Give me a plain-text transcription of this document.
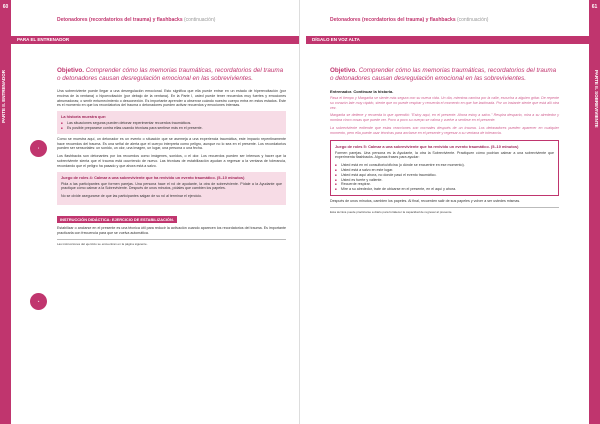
60
PARTE II. ENTRENADOR
Detonadores (recordatorios del trauma) y flashbacks (continuación)
PARA EL ENTRENADOR
i
»

Objetivo. Comprender cómo las memorias traumáticas, recordatorios del trauma o detonadores causan desregulación emocional en las sobrevivientes.

Una sobreviviente puede llegar a una desregulación emocional. Esto significa que ella puede entrar en un estado de hiperexcitación (por encima de la ventana) o hipoexcitación (por debajo de la ventana). En la Parte I, usted puede tener recuerdos muy fuertes y emociones abrumadoras; o sentir entumecimiento o desconexión. Es importante aprender a observar cuándo nuestro cuerpo entra en estos estados. Este es el momento en que los recordatorios del trauma o detonadores pueden activar recuerdos y emociones intensas.

La historia muestra que:
■ Las situaciones seguras pueden detonar experimentar recuerdos traumáticos.
■ Es posible prepararse contra ellas usando técnicas para sentirse más en el presente.

Como se muestra aquí, un detonador es un evento o situación que se asemeja a una experiencia traumática, este impacto repentinamente hace recuerdos del trauma. Es una señal de alerta que el cuerpo interpreta como peligro, aunque no lo sea en el presente. Los recordatorios pueden ser sensoriales: un sonido, un olor, una imagen, un lugar, una persona o una fecha.

Los flashbacks son detonantes por los recuerdos como imágenes, sonidos, o el olor. Los recuerdos pueden ser intensos y hacer que la sobreviviente sienta que el trauma está ocurriendo de nuevo. Las técnicas de estabilización ayudan a regresar a la ventana de tolerancia, recordando que el peligro ha pasado y que ahora está a salvo.

Juego de roles 4: Calmar a una sobreviviente que ha revivido un evento traumático. (5–10 minutos)

Pida a las participantes que formen parejas. Una persona hace el rol de ayudante, la otra de sobreviviente. Pídale a la Ayudante que practique cómo calmar a la Sobreviviente. Después de unos minutos, pídales que cambien los papeles.

No se olvide asegurarse de que las participantes salgan de su rol al terminar el ejercicio.

INSTRUCCIÓN DIDÁCTICA: EJERCICIO DE ESTABILIZACIÓN.

Estabilizar o anclarse en el presente es una técnica útil para reducir la activación cuando aparecen los recordatorios del trauma. Es importante practicarla con frecuencia para que se vuelva automática.

Las instrucciones del ejercicio se encuentran en la página siguiente.
61
PARTE II. SOBREVIVIENTE
Detonadores (recordatorios del trauma) y flashbacks (continuación)
DÍGALO EN VOZ ALTA

Objetivo. Comprender cómo las memorias traumáticas, recordatorios del trauma o detonadores causan desregulación emocional en las sobrevivientes.

Entrenador. Continuar la historia.

Pasa el tiempo y Margarita se siente más segura con su nueva vida. Un día, mientras camina por la calle, escucha a alguien gritar. De repente su corazón late muy rápido, siente que no puede respirar y recuerda el momento en que fue lastimada. Por un instante siente que está allí otra vez.

Margarita se detiene y recuerda lo que aprendió: "Estoy aquí, en el presente. Ahora estoy a salvo." Respira despacio, mira a su alrededor y nombra cinco cosas que puede ver. Poco a poco su cuerpo se calma y vuelve a sentirse en el presente.

La sobreviviente entiende que estas reacciones son normales después de un trauma. Los detonadores pueden aparecer en cualquier momento, pero ella puede usar técnicas para anclarse en el presente y regresar a su ventana de tolerancia.

Juego de roles 5: Calmar a una sobreviviente que ha revivido un evento traumático. (5–10 minutos)

Formen parejas. Una persona es la Ayudante, la otra la Sobreviviente. Practiquen cómo podrían calmar a una sobreviviente que experimenta flashbacks. Algunas frases para ayudar:

■ Usted está en mi consultorio/oficina (o dónde se encuentre en ese momento).
■ Usted está a salvo en este lugar.
■ Usted está aquí ahora, no donde pasó el evento traumático.
■ Usted es fuerte y valiente.
■ Recuerde respirar.
■ Mire a su alrededor, trate de ubicarse en el presente, en el aquí y ahora.

Después de unos minutos, cambien los papeles. Al final, recuerden salir de sus papeles y volver a ser ustedes mismas.

Esta técnica puede practicarse a diario para fortalecer la capacidad de regresar al presente.
